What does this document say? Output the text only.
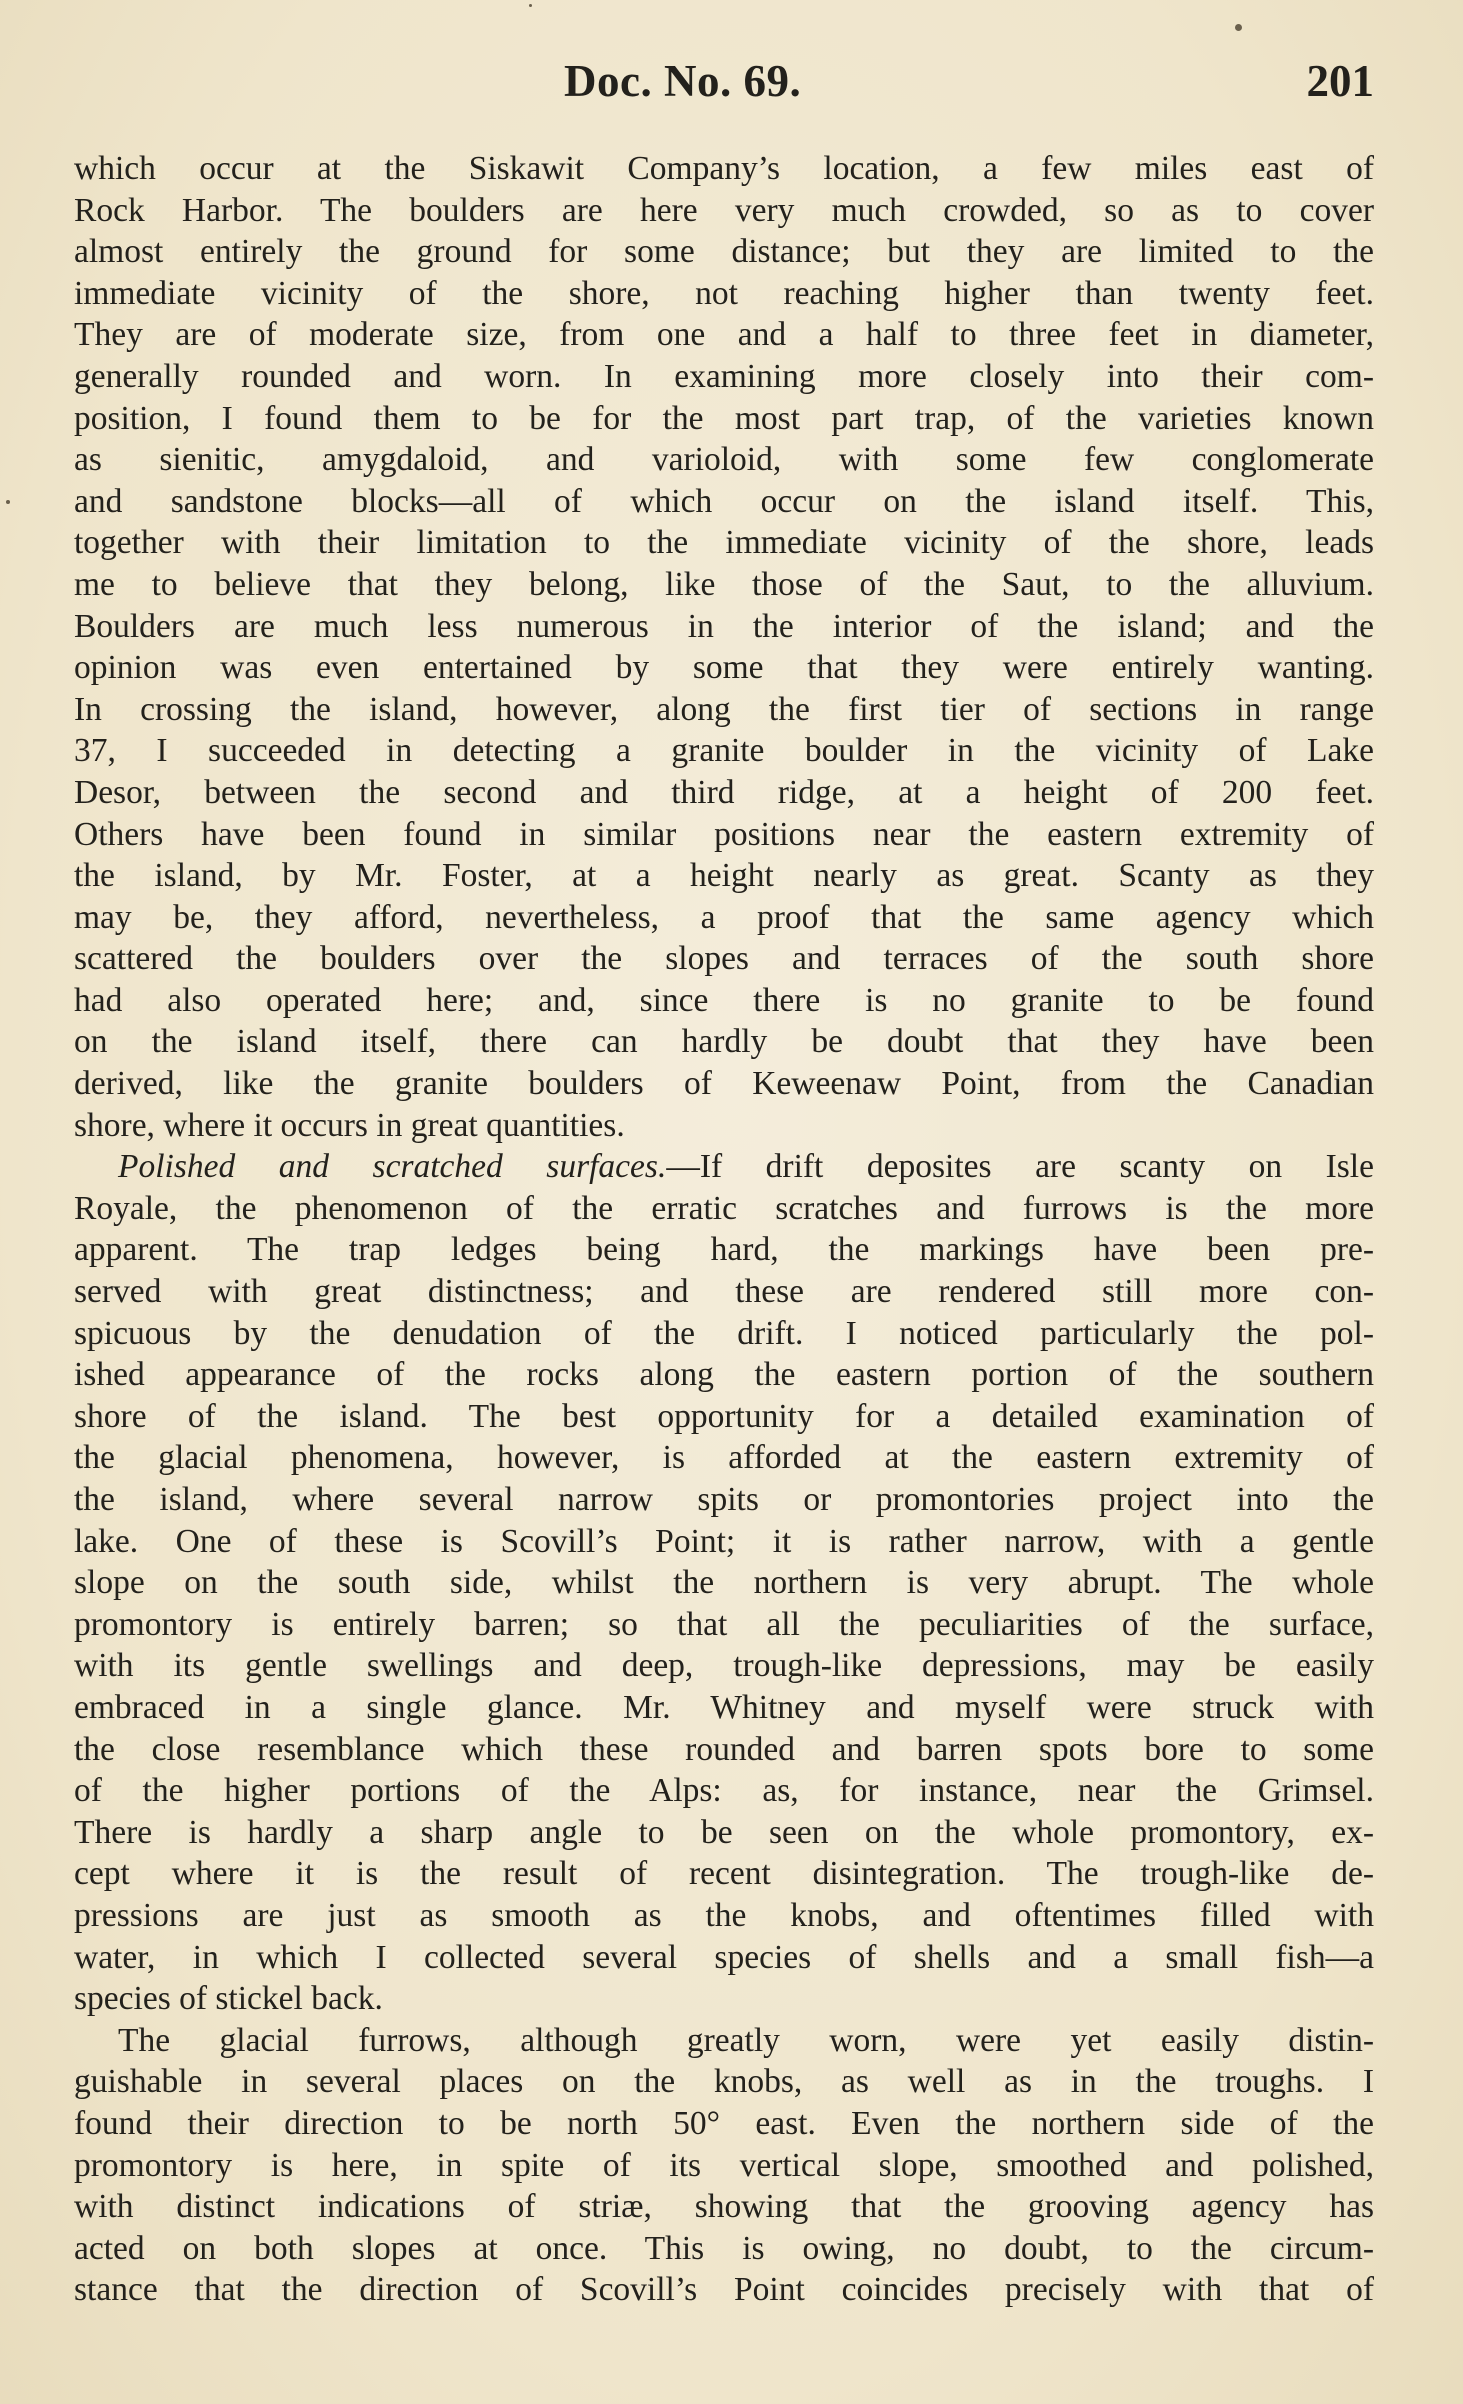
Doc. No. 69.	201
which occur at the Siskawit Company’s location, a few miles east of
Rock Harbor. The boulders are here very much crowded, so as to cover
almost entirely the ground for some distance; but they are limited to the
immediate vicinity of the shore, not reaching higher than twenty feet.
They are of moderate size, from one and a half to three feet in diameter,
generally rounded and worn. In examining more closely into their com-
position, I found them to be for the most part trap, of the varieties known
as sienitic, amygdaloid, and varioloid, with some few conglomerate
and sandstone blocks—all of which occur on the island itself. This,
together with their limitation to the immediate vicinity of the shore, leads
me to believe that they belong, like those of the Saut, to the alluvium.
Boulders are much less numerous in the interior of the island; and the
opinion was even entertained by some that they were entirely wanting.
In crossing the island, however, along the first tier of sections in range
37, I succeeded in detecting a granite boulder in the vicinity of Lake
Desor, between the second and third ridge, at a height of 200 feet.
Others have been found in similar positions near the eastern extremity of
the island, by Mr. Foster, at a height nearly as great. Scanty as they
may be, they afford, nevertheless, a proof that the same agency which
scattered the boulders over the slopes and terraces of the south shore
had also operated here; and, since there is no granite to be found
on the island itself, there can hardly be doubt that they have been
derived, like the granite boulders of Keweenaw Point, from the Canadian
shore, where it occurs in great quantities.
Polished and scratched surfaces.—If drift deposites are scanty on Isle
Royale, the phenomenon of the erratic scratches and furrows is the more
apparent. The trap ledges being hard, the markings have been pre-
served with great distinctness; and these are rendered still more con-
spicuous by the denudation of the drift. I noticed particularly the pol-
ished appearance of the rocks along the eastern portion of the southern
shore of the island. The best opportunity for a detailed examination of
the glacial phenomena, however, is afforded at the eastern extremity of
the island, where several narrow spits or promontories project into the
lake. One of these is Scovill’s Point; it is rather narrow, with a gentle
slope on the south side, whilst the northern is very abrupt. The whole
promontory is entirely barren; so that all the peculiarities of the surface,
with its gentle swellings and deep, trough-like depressions, may be easily
embraced in a single glance. Mr. Whitney and myself were struck with
the close resemblance which these rounded and barren spots bore to some
of the higher portions of the Alps: as, for instance, near the Grimsel.
There is hardly a sharp angle to be seen on the whole promontory, ex-
cept where it is the result of recent disintegration. The trough-like de-
pressions are just as smooth as the knobs, and oftentimes filled with
water, in which I collected several species of shells and a small fish—a
species of stickel back.
The glacial furrows, although greatly worn, were yet easily distin-
guishable in several places on the knobs, as well as in the troughs. I
found their direction to be north 50° east. Even the northern side of the
promontory is here, in spite of its vertical slope, smoothed and polished,
with distinct indications of striæ, showing that the grooving agency has
acted on both slopes at once. This is owing, no doubt, to the circum-
stance that the direction of Scovill’s Point coincides precisely with that of
